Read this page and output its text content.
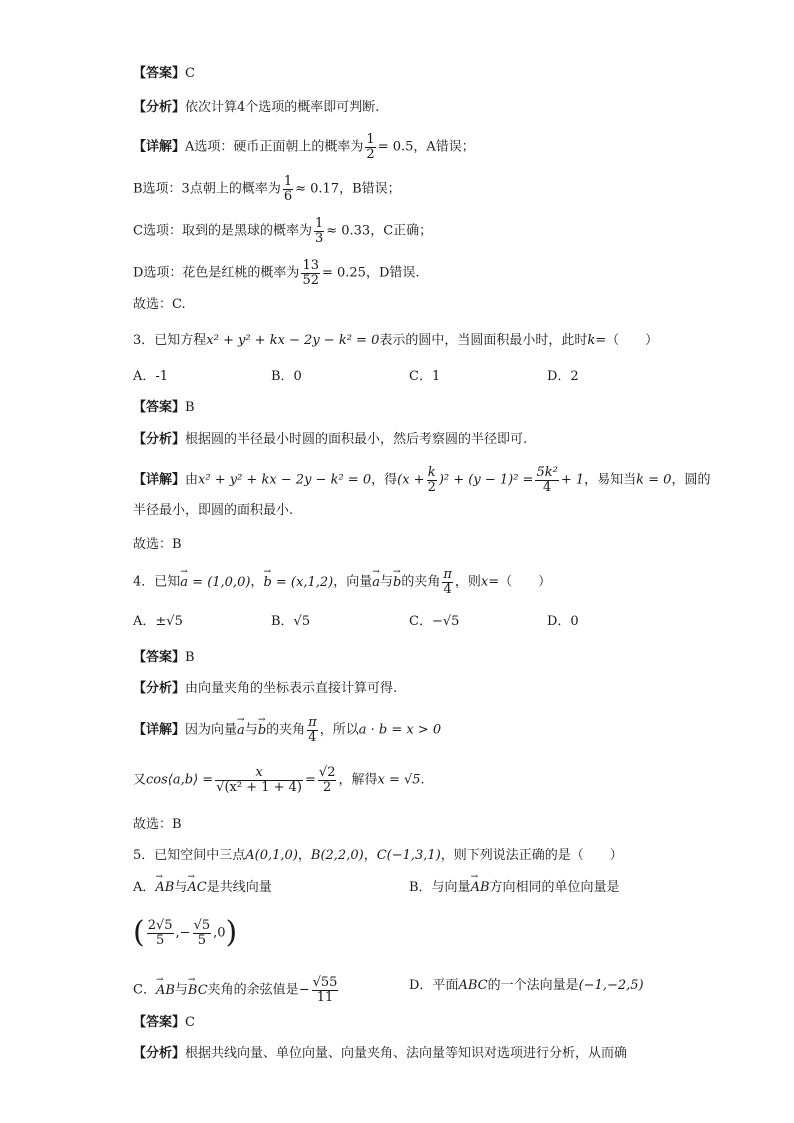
【答案】C
【分析】依次计算4个选项的概率即可判断.
【详解】A选项：硬币正面朝上的概率为 $\frac{1}{2} = 0.5$，A错误；
B选项：3点朝上的概率为 $\frac{1}{6} \approx 0.17$，B错误；
C选项：取到的是黑球的概率为 $\frac{1}{3} \approx 0.33$，C正确；
D选项：花色是红桃的概率为 $\frac{13}{52} = 0.25$，D错误.
故选：C.
3．已知方程x² + y² + kx − 2y − k² = 0表示的圆中，当圆面积最小时，此时k=（　　）
A．-1	B．0	C．1	D．2
【答案】B
【分析】根据圆的半径最小时圆的面积最小，然后考察圆的半径即可.
【详解】由x² + y² + kx − 2y − k² = 0，得$(x + \frac{k}{2} )^2 + (y - 1)^2 = \frac{\text{5k²}}{4} + 1$，易知当k = 0，圆的
半径最小，即圆的面积最小.
故选：B
4．已知→ a = (1,0,0)，→ b = (x,1,2)，向量→ a与→ b的夹角 $\frac{\pi}{4}$ ，则x=（　　）
A．±√5	B．√5	C．−√5	D．0
【答案】B
【分析】由向量夹角的坐标表示直接计算可得.
【详解】因为向量→ a与→ b的夹角 $\frac{\pi}{4}$ ，所以a · b = x > 0
又cos⟨a,b⟩ = $\frac{x}{\text{√(x² + 1 + 4)}} = \frac{√2}{2}$ ，解得x = √5.
故选：B
5．已知空间中三点A(0,1,0)，B(2,2,0)，C(−1,3,1)，则下列说法正确的是（　　）
A．→ AB与→ AC是共线向量	B．与向量→ AB方向相同的单位向量是
( $\frac{2√5}{5}$ ,− $\frac{√5}{5} ,0$)
C．→ AB与→ BC夹角的余弦值是− $\frac{√55}{11}$	D．平面ABC的一个法向量是(−1,−2,5)
【答案】C
【分析】根据共线向量、单位向量、向量夹角、法向量等知识对选项进行分析，从而确
